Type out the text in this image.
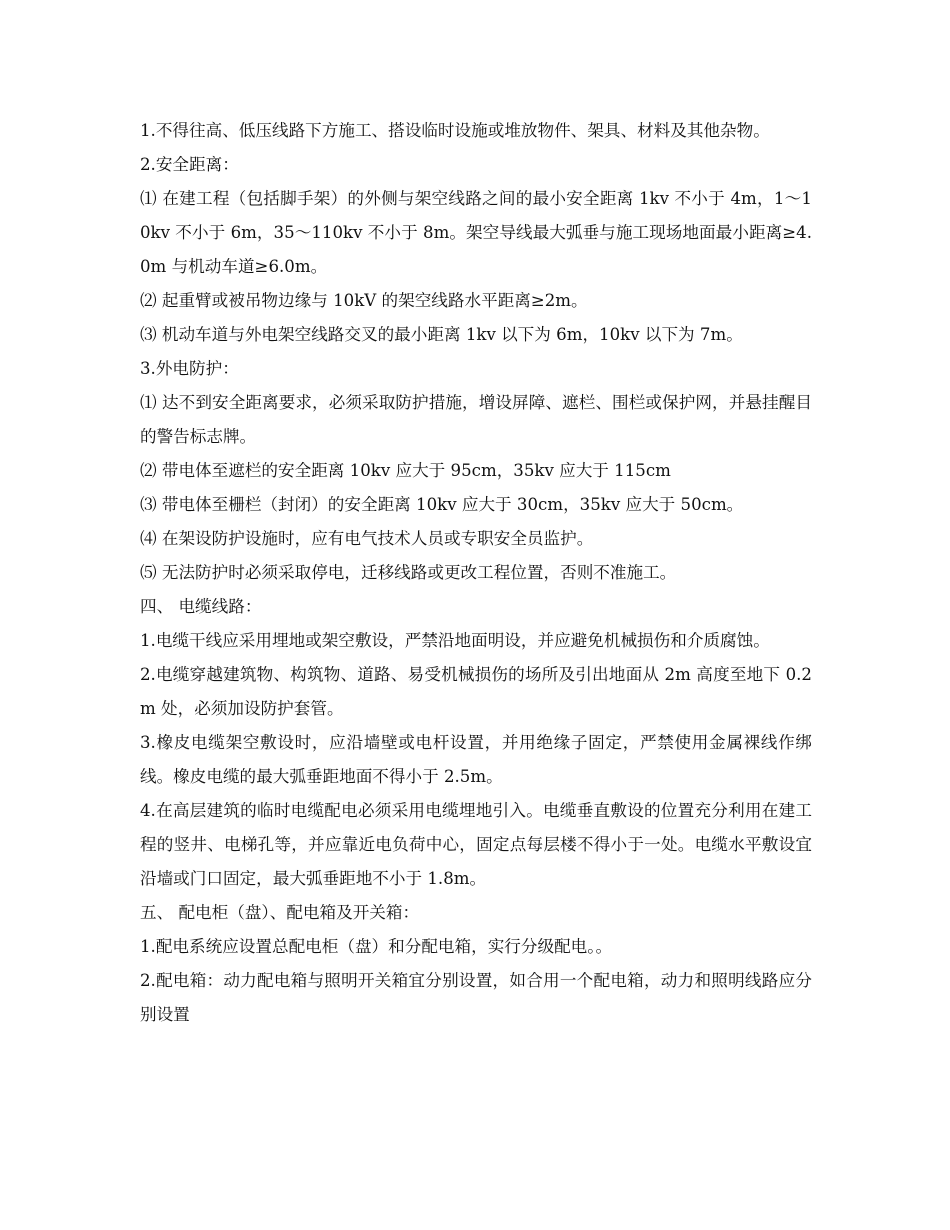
1.不得往高、低压线路下方施工、搭设临时设施或堆放物件、架具、材料及其他杂物。

2.安全距离：

⑴ 在建工程（包括脚手架）的外侧与架空线路之间的最小安全距离 1kv 不小于 4m，1～10kv 不小于 6m，35～110kv 不小于 8m。架空导线最大弧垂与施工现场地面最小距离≥4.0m 与机动车道≥6.0m。

⑵ 起重臂或被吊物边缘与 10kV 的架空线路水平距离≥2m。

⑶ 机动车道与外电架空线路交叉的最小距离 1kv 以下为 6m，10kv 以下为 7m。

3.外电防护：

⑴ 达不到安全距离要求，必须采取防护措施，增设屏障、遮栏、围栏或保护网，并悬挂醒目的警告标志牌。

⑵ 带电体至遮栏的安全距离 10kv 应大于 95cm，35kv 应大于 115cm

⑶ 带电体至栅栏（封闭）的安全距离 10kv 应大于 30cm，35kv 应大于 50cm。

⑷ 在架设防护设施时，应有电气技术人员或专职安全员监护。

⑸ 无法防护时必须采取停电，迁移线路或更改工程位置，否则不准施工。

四、 电缆线路：

1.电缆干线应采用埋地或架空敷设，严禁沿地面明设，并应避免机械损伤和介质腐蚀。

2.电缆穿越建筑物、构筑物、道路、易受机械损伤的场所及引出地面从 2m 高度至地下 0.2m 处，必须加设防护套管。

3.橡皮电缆架空敷设时，应沿墙壁或电杆设置，并用绝缘子固定，严禁使用金属裸线作绑线。橡皮电缆的最大弧垂距地面不得小于 2.5m。

4.在高层建筑的临时电缆配电必须采用电缆埋地引入。电缆垂直敷设的位置充分利用在建工程的竖井、电梯孔等，并应靠近电负荷中心，固定点每层楼不得小于一处。电缆水平敷设宜沿墙或门口固定，最大弧垂距地不小于 1.8m。

五、 配电柜（盘）、配电箱及开关箱：

1.配电系统应设置总配电柜（盘）和分配电箱，实行分级配电。。

2.配电箱：动力配电箱与照明开关箱宜分别设置，如合用一个配电箱，动力和照明线路应分别设置
